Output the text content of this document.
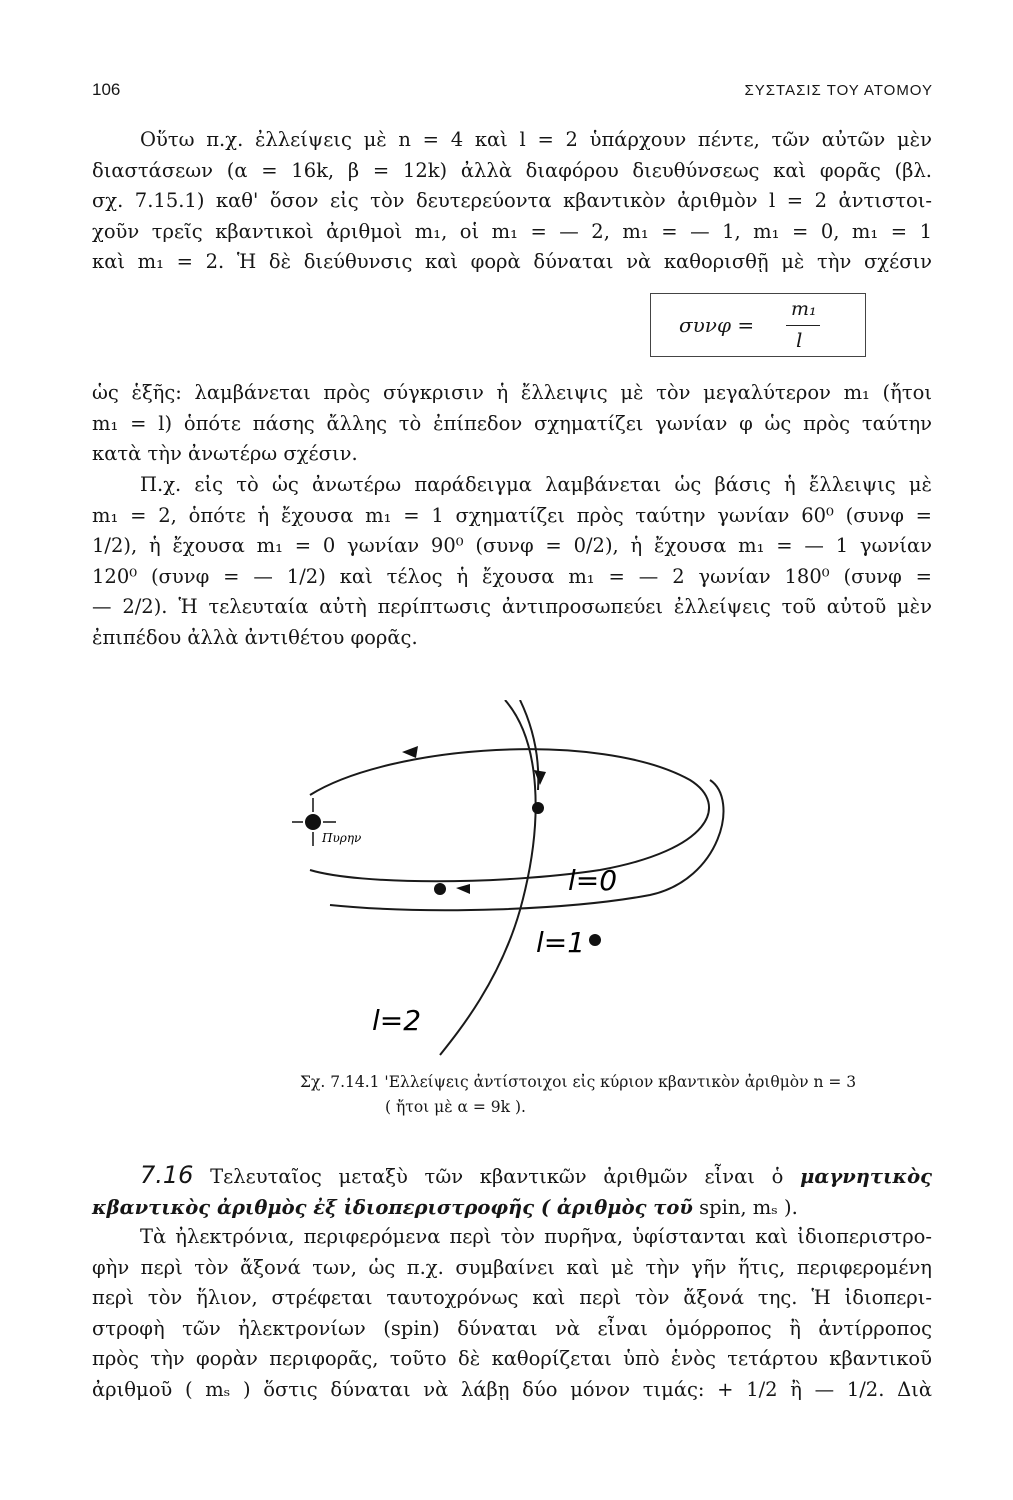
106	ΣΥΣΤΑΣΙΣ ΤΟΥ ΑΤΟΜΟΥ
Οὕτω π.χ. ἐλλείψεις μὲ n = 4 καὶ l = 2 ὑπάρχουν πέντε, τῶν αὐτῶν μὲν
διαστάσεων (α = 16k, β = 12k) ἀλλὰ διαφόρου διευθύνσεως καὶ φορᾶς (βλ.
σχ. 7.15.1) καθ' ὅσον εἰς τὸν δευτερεύοντα κβαντικὸν ἀριθμὸν l = 2 ἀντιστοι-
χοῦν τρεῖς κβαντικοὶ ἀριθμοὶ m₁, οἱ m₁ = — 2, m₁ = — 1, m₁ = 0, m₁ = 1
καὶ m₁ = 2. Ἡ δὲ διεύθυνσις καὶ φορὰ δύναται νὰ καθορισθῇ μὲ τὴν σχέσιν
συνφ =
m₁
l
ὡς ἑξῆς: λαμβάνεται πρὸς σύγκρισιν ἡ ἔλλειψις μὲ τὸν μεγαλύτερον m₁ (ἤτοι
m₁ = l) ὁπότε πάσης ἄλλης τὸ ἐπίπεδον σχηματίζει γωνίαν φ ὡς πρὸς ταύτην
κατὰ τὴν ἀνωτέρω σχέσιν.
Π.χ. εἰς τὸ ὡς ἀνωτέρω παράδειγμα λαμβάνεται ὡς βάσις ἡ ἔλλειψις μὲ
m₁ = 2, ὁπότε ἡ ἔχουσα m₁ = 1 σχηματίζει πρὸς ταύτην γωνίαν 60⁰ (συνφ =
1/2), ἡ ἔχουσα m₁ = 0 γωνίαν 90⁰ (συνφ = 0/2), ἡ ἔχουσα m₁ = — 1 γωνίαν
120⁰ (συνφ = — 1/2) καὶ τέλος ἡ ἔχουσα m₁ = — 2 γωνίαν 180⁰ (συνφ =
— 2/2). Ἡ τελευταία αὐτὴ περίπτωσις ἀντιπροσωπεύει ἐλλείψεις τοῦ αὐτοῦ μὲν
ἐπιπέδου ἀλλὰ ἀντιθέτου φορᾶς.
Πυρην
l=0
l=1
l=2
Σχ. 7.14.1 'Ελλείψεις ἀντίστοιχοι εἰς κύριον κβαντικὸν ἀριθμὸν n = 3
( ἤτοι μὲ α = 9k ).
7.16 Τελευταῖος μεταξὺ τῶν κβαντικῶν ἀριθμῶν εἶναι ὁ μαγνητικὸς
κβαντικὸς ἀριθμὸς ἐξ ἰδιοπεριστροφῆς ( ἀριθμὸς τοῦ spin, mₛ ).
Τὰ ἠλεκτρόνια, περιφερόμενα περὶ τὸν πυρῆνα, ὑφίστανται καὶ ἰδιοπεριστρο-
φὴν περὶ τὸν ἄξονά των, ὡς π.χ. συμβαίνει καὶ μὲ τὴν γῆν ἥτις, περιφερομένη
περὶ τὸν ἥλιον, στρέφεται ταυτοχρόνως καὶ περὶ τὸν ἄξονά της. Ἡ ἰδιοπερι-
στροφὴ τῶν ἠλεκτρονίων (spin) δύναται νὰ εἶναι ὁμόρροπος ἢ ἀντίρροπος
πρὸς τὴν φορὰν περιφορᾶς, τοῦτο δὲ καθορίζεται ὑπὸ ἑνὸς τετάρτου κβαντικοῦ
ἀριθμοῦ ( mₛ ) ὅστις δύναται νὰ λάβῃ δύο μόνον τιμάς: + 1/2 ἢ — 1/2. Διὰ
